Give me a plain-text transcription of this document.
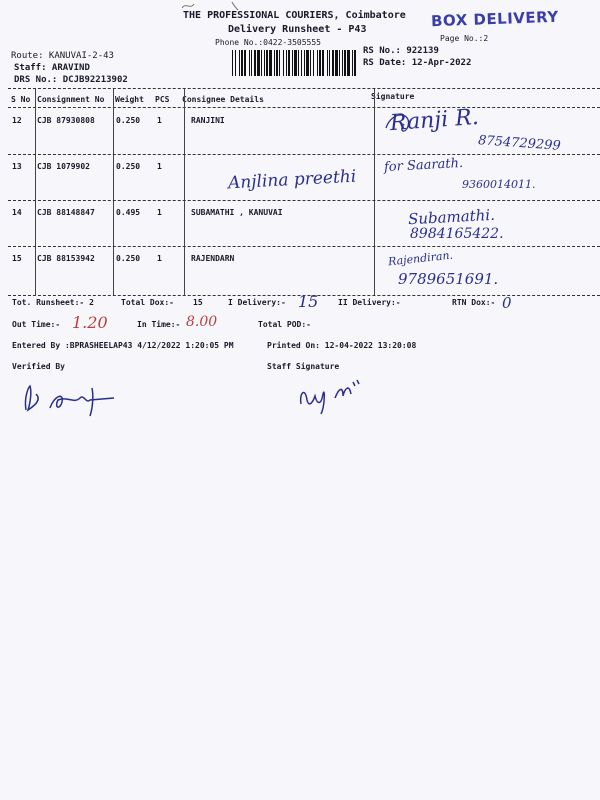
THE PROFESSIONAL COURIERS, Coimbatore
Delivery Runsheet - P43
Phone No.:0422-3505555
BOX DELIVERY
Page No.:2
Route: KANUVAI-2-43
Staff: ARAVIND
DRS No.: DCJB92213902
RS No.: 922139
RS Date: 12-Apr-2022
S No Consignment No Weight PCS Consignee Details	Signature
12 CJB 87930808	0.250 1	RANJINI	Ranji R.
8754729299
13 CJB 1079902	0.250 1
Anjlina preethi
for Saarath.
9360014011.
14 CJB 88148847	0.495 1	SUBAMATHI , KANUVAI	Subamathi.
8984165422.
15 CJB 88153942	0.250 1	RAJENDARN	Rajendiran.
9789651691.
Tot. Runsheet:- 2	Total Dox:- 15	I Delivery:- 15 II Delivery:-	RTN Dox:- 0
Out Time:- 1.20	In Time:- 8.00	Total POD:-
Entered By :BPRASHEELAP43 4/12/2022 1:20:05 PM	Printed On: 12-04-2022 13:20:08
Verified By	Staff Signature
